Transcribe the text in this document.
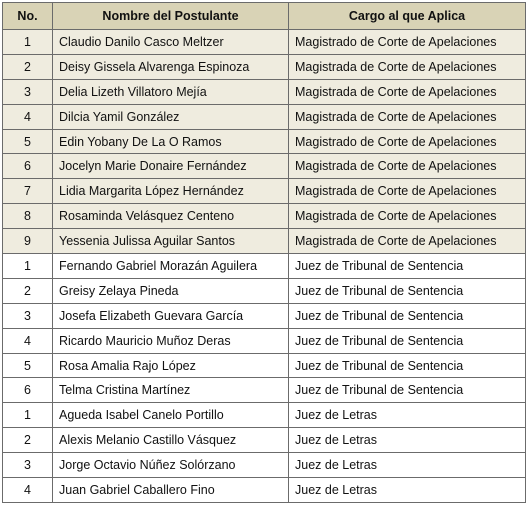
No.	Nombre del Postulante	Cargo al que Aplica
1	Claudio Danilo Casco Meltzer	Magistrado de Corte de Apelaciones
2	Deisy Gissela Alvarenga Espinoza	Magistrada de Corte de Apelaciones
3	Delia Lizeth Villatoro Mejía	Magistrada de Corte de Apelaciones
4	Dilcia Yamil González	Magistrada de Corte de Apelaciones
5	Edin Yobany De La O Ramos	Magistrado de Corte de Apelaciones
6	Jocelyn Marie Donaire Fernández	Magistrada de Corte de Apelaciones
7	Lidia Margarita López Hernández	Magistrada de Corte de Apelaciones
8	Rosaminda Velásquez Centeno	Magistrada de Corte de Apelaciones
9	Yessenia Julissa Aguilar Santos	Magistrada de Corte de Apelaciones
1	Fernando Gabriel Morazán Aguilera	Juez de Tribunal de Sentencia
2	Greisy Zelaya Pineda	Juez de Tribunal de Sentencia
3	Josefa Elizabeth Guevara García	Juez de Tribunal de Sentencia
4	Ricardo Mauricio Muñoz Deras	Juez de Tribunal de Sentencia
5	Rosa Amalia Rajo López	Juez de Tribunal de Sentencia
6	Telma Cristina Martínez	Juez de Tribunal de Sentencia
1	Agueda Isabel Canelo Portillo	Juez de Letras
2	Alexis Melanio Castillo Vásquez	Juez de Letras
3	Jorge Octavio Núñez Solórzano	Juez de Letras
4	Juan Gabriel Caballero Fino	Juez de Letras
